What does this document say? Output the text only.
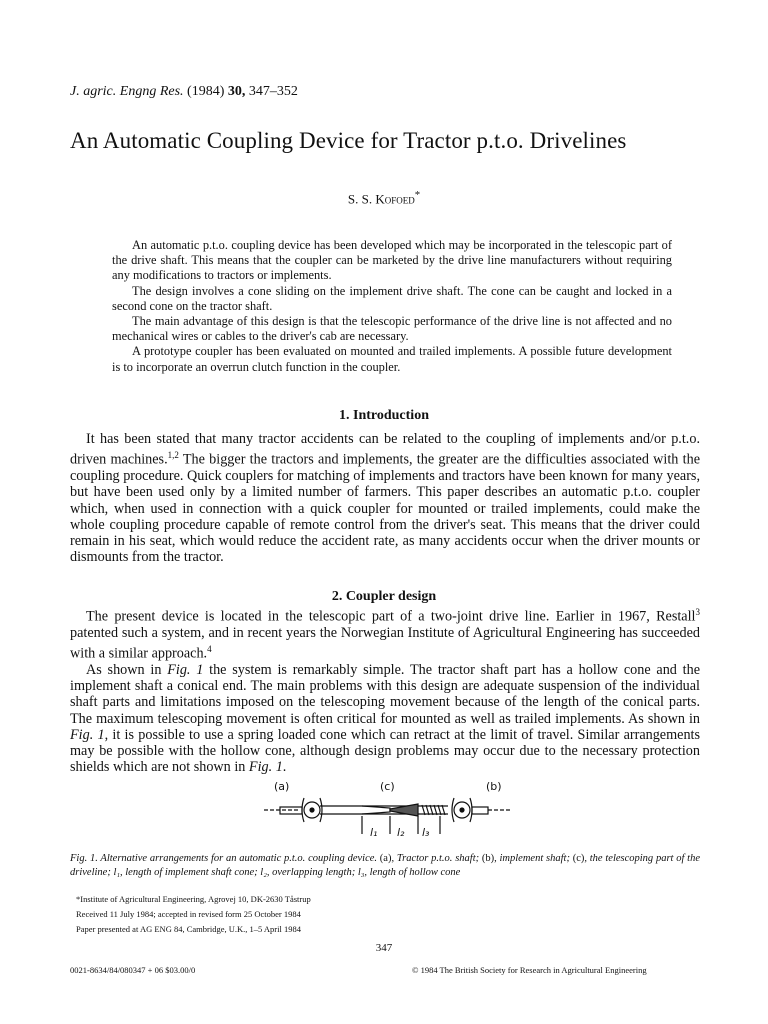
J. agric. Engng Res. (1984) 30, 347–352
An Automatic Coupling Device for Tractor p.t.o. Drivelines
S. S. Kofoed*

An automatic p.t.o. coupling device has been developed which may be incorporated in the telescopic part of the drive shaft. This means that the coupler can be marketed by the drive line manufacturers without requiring any modifications to tractors or implements.

The design involves a cone sliding on the implement drive shaft. The cone can be caught and locked in a second cone on the tractor shaft.

The main advantage of this design is that the telescopic performance of the drive line is not affected and no mechanical wires or cables to the driver's cab are necessary.

A prototype coupler has been evaluated on mounted and trailed implements. A possible future development is to incorporate an overrun clutch function in the coupler.

1. Introduction

It has been stated that many tractor accidents can be related to the coupling of implements and/or p.t.o. driven machines.$^{1,2}$ The bigger the tractors and implements, the greater are the difficulties associated with the coupling procedure. Quick couplers for matching of implements and tractors have been known for many years, but have been used only by a limited number of farmers. This paper describes an automatic p.t.o. coupler which, when used in connection with a quick coupler for mounted or trailed implements, could make the whole coupling procedure capable of remote control from the driver's seat. This means that the driver could remain in his seat, which would reduce the accident rate, as many accidents occur when the driver mounts or dismounts from the tractor.

2. Coupler design

The present device is located in the telescopic part of a two-joint drive line. Earlier in 1967, Restall$^3$ patented such a system, and in recent years the Norwegian Institute of Agricultural Engineering has succeeded with a similar approach.$^4$

As shown in Fig. 1 the system is remarkably simple. The tractor shaft part has a hollow cone and the implement shaft a conical end. The main problems with this design are adequate suspension of the individual shaft parts and limitations imposed on the telescoping movement because of the length of the conical parts. The maximum telescoping movement is often critical for mounted as well as trailed implements. As shown in Fig. 1, it is possible to use a spring loaded cone which can retract at the limit of travel. Similar arrangements may be possible with the hollow cone, although design problems may occur due to the necessary protection shields which are not shown in Fig. 1.

(a)	(c)	(b)
l₁ l₂ l₃
Fig. 1. Alternative arrangements for an automatic p.t.o. coupling device. (a), Tractor p.t.o. shaft; (b), implement shaft; (c), the telescoping part of the driveline; l₁, length of implement shaft cone; l₂, overlapping length; l₃, length of hollow cone
*Institute of Agricultural Engineering, Agrovej 10, DK-2630 Tåstrup
Received 11 July 1984; accepted in revised form 25 October 1984
Paper presented at AG ENG 84, Cambridge, U.K., 1–5 April 1984
347
0021-8634/84/080347 + 06 $03.00/0	© 1984 The British Society for Research in Agricultural Engineering
